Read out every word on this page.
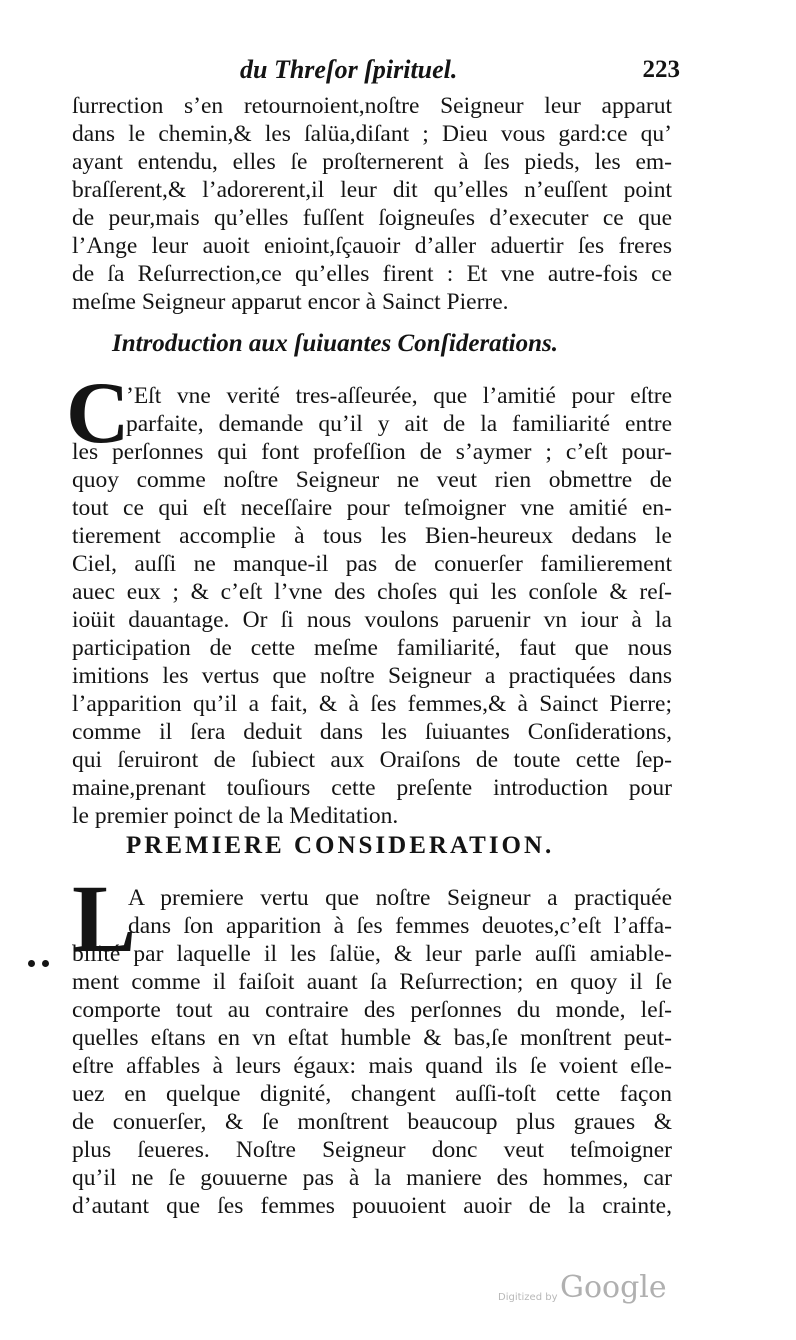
du Threſor ſpirituel.	223
ſurrection s’en retournoient,noſtre Seigneur leur apparut
dans le chemin,& les ſalüa,diſant ; Dieu vous gard:ce qu’
ayant entendu, elles ſe proſternerent à ſes pieds, les em-
braſſerent,& l’adorerent,il leur dit qu’elles n’euſſent point
de peur,mais qu’elles fuſſent ſoigneuſes d’executer ce que
l’Ange leur auoit enioint,ſçauoir d’aller aduertir ſes freres
de ſa Reſurrection,ce qu’elles firent : Et vne autre-fois ce
meſme Seigneur apparut encor à Sainct Pierre.
Introduction aux ſuiuantes Conſiderations.
C
’Eſt vne verité tres-aſſeurée, que l’amitié pour eſtre
parfaite, demande qu’il y ait de la familiarité entre
les perſonnes qui font profeſſion de s’aymer ; c’eſt pour-
quoy comme noſtre Seigneur ne veut rien obmettre de
tout ce qui eſt neceſſaire pour teſmoigner vne amitié en-
tierement accomplie à tous les Bien-heureux dedans le
Ciel, auſſi ne manque-il pas de conuerſer familierement
auec eux ; & c’eſt l’vne des choſes qui les conſole & reſ-
ioüit dauantage. Or ſi nous voulons paruenir vn iour à la
participation de cette meſme familiarité, faut que nous
imitions les vertus que noſtre Seigneur a practiquées dans
l’apparition qu’il a fait, & à ſes femmes,& à Sainct Pierre;
comme il ſera deduit dans les ſuiuantes Conſiderations,
qui ſeruiront de ſubiect aux Oraiſons de toute cette ſep-
maine,prenant touſiours cette preſente introduction pour
le premier poinct de la Meditation.
PREMIERE CONSIDERATION.
L
A premiere vertu que noſtre Seigneur a practiquée
dans ſon apparition à ſes femmes deuotes,c’eſt l’affa-
bilité par laquelle il les ſalüe, & leur parle auſſi amiable-
ment comme il faiſoit auant ſa Reſurrection; en quoy il ſe
comporte tout au contraire des perſonnes du monde, leſ-
quelles eſtans en vn eſtat humble & bas,ſe monſtrent peut-
eſtre affables à leurs égaux: mais quand ils ſe voient eſle-
uez en quelque dignité, changent auſſi-toſt cette façon
de conuerſer, & ſe monſtrent beaucoup plus graues &
plus ſeueres. Noſtre Seigneur donc veut teſmoigner
qu’il ne ſe gouuerne pas à la maniere des hommes, car
d’autant que ſes femmes pouuoient auoir de la crainte,
Digitized by Google
